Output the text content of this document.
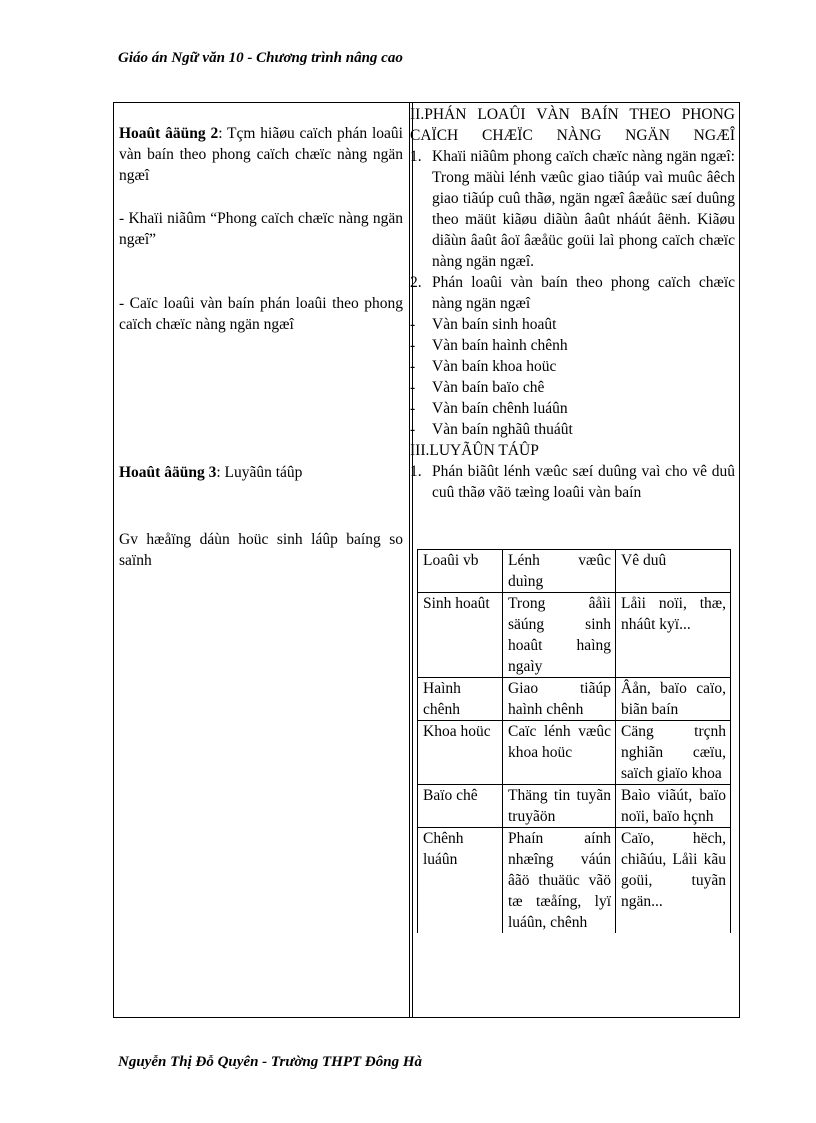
Giáo án Ngữ văn 10 - Chương trình nâng cao
Hoaût âäüng 2: Tçm hiãøu caïch phán loaûi vàn baín theo phong caïch chæïc nàng ngän ngæî
- Khaïi niãûm “Phong caïch chæïc nàng ngän ngæî”
- Caïc loaûi vàn baín phán loaûi theo phong caïch chæïc nàng ngän ngæî
Hoaût âäüng 3: Luyãûn táûp
Gv hæåïng dáùn hoüc sinh láûp baíng so saïnh
II.PHÁN LOAÛI VÀN BAÍN THEO PHONG CAÏCH CHÆÏC NÀNG NGÄN NGÆÎ
1. Khaïi niãûm phong caïch chæïc nàng ngän ngæî: Trong mäùi lénh væûc giao tiãúp vaì muûc âêch giao tiãúp cuû thãø, ngän ngæî âæåüc sæí duûng theo mäüt kiãøu diãùn âaût nháút âënh. Kiãøu diãùn âaût âoï âæåüc goüi laì phong caïch chæïc nàng ngän ngæî.
2. Phán loaûi vàn baín theo phong caïch chæïc nàng ngän ngæî
-	Vàn baín sinh hoaût
-	Vàn baín haình chênh
-	Vàn baín khoa hoüc
-	Vàn baín baïo chê
-	Vàn baín chênh luáûn
-	Vàn baín nghãû thuáût
III.LUYÃÛN TÁÛP
1. Phán biãût lénh væûc sæí duûng vaì cho vê duû cuû thãø vãö tæìng loaûi vàn baín
Loaûi vb	Lénh væûc duìng	Vê duû
Sinh hoaût	Trong âåìi säúng sinh hoaût haìng ngaìy	Låìi noïi, thæ, nháût kyï...
Haình chênh	Giao tiãúp haình chênh	Âån, baïo caïo, biãn baín
Khoa hoüc	Caïc lénh væûc khoa hoüc	Cäng trçnh nghiãn cæïu, saïch giaïo khoa
Baïo chê	Thäng tin tuyãn truyãön	Baìo viãút, baïo noïi, baïo hçnh
Chênh luáûn	Phaín aính nhæîng váún âãö thuäüc vãö tæ tæåíng, lyï luáûn, chênh	Caïo, hëch, chiãúu, Låìi kãu goüi, tuyãn ngän...
Nguyễn Thị Đỗ Quyên - Trường THPT Đông Hà
